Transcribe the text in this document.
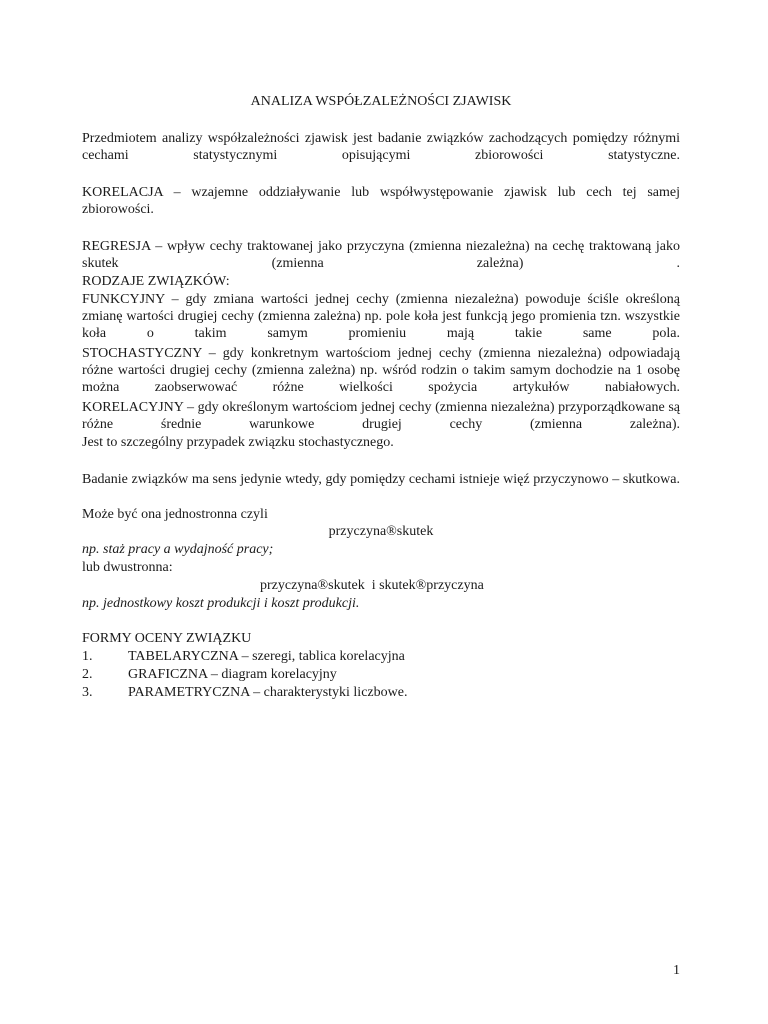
ANALIZA WSPÓŁZALEŻNOŚCI ZJAWISK

Przedmiotem analizy współzależności zjawisk jest badanie związków zachodzących pomiędzy różnymi cechami statystycznymi opisującymi zbiorowości statystyczne.

KORELACJA – wzajemne oddziaływanie lub współwystępowanie zjawisk lub cech tej samej zbiorowości.

REGRESJA – wpływ cechy traktowanej jako przyczyna (zmienna niezależna) na cechę traktowaną jako skutek (zmienna zależna) .

RODZAJE ZWIĄZKÓW:

FUNKCYJNY – gdy zmiana wartości jednej cechy (zmienna niezależna) powoduje ściśle określoną zmianę wartości drugiej cechy (zmienna zależna) np. pole koła jest funkcją jego promienia tzn. wszystkie koła o takim samym promieniu mają takie same pola.

STOCHASTYCZNY – gdy konkretnym wartościom jednej cechy (zmienna niezależna) odpowiadają różne wartości drugiej cechy (zmienna zależna) np. wśród rodzin o takim samym dochodzie na 1 osobę można zaobserwować różne wielkości spożycia artykułów nabiałowych.

KORELACYJNY – gdy określonym wartościom jednej cechy (zmienna niezależna) przyporządkowane są różne średnie warunkowe drugiej cechy (zmienna zależna).

Jest to szczególny przypadek związku stochastycznego.

Badanie związków ma sens jedynie wtedy, gdy pomiędzy cechami istnieje więź przyczynowo – skutkowa.

Może być ona jednostronna czyli
przyczyna®skutek
np. staż pracy a wydajność pracy;
lub dwustronna:
przyczyna®skutek  i skutek®przyczyna
np. jednostkowy koszt produkcji i koszt produkcji.
FORMY OCENY ZWIĄZKU
1.	TABELARYCZNA – szeregi, tablica korelacyjna
2.	GRAFICZNA – diagram korelacyjny
3.	PARAMETRYCZNA – charakterystyki liczbowe.
1
